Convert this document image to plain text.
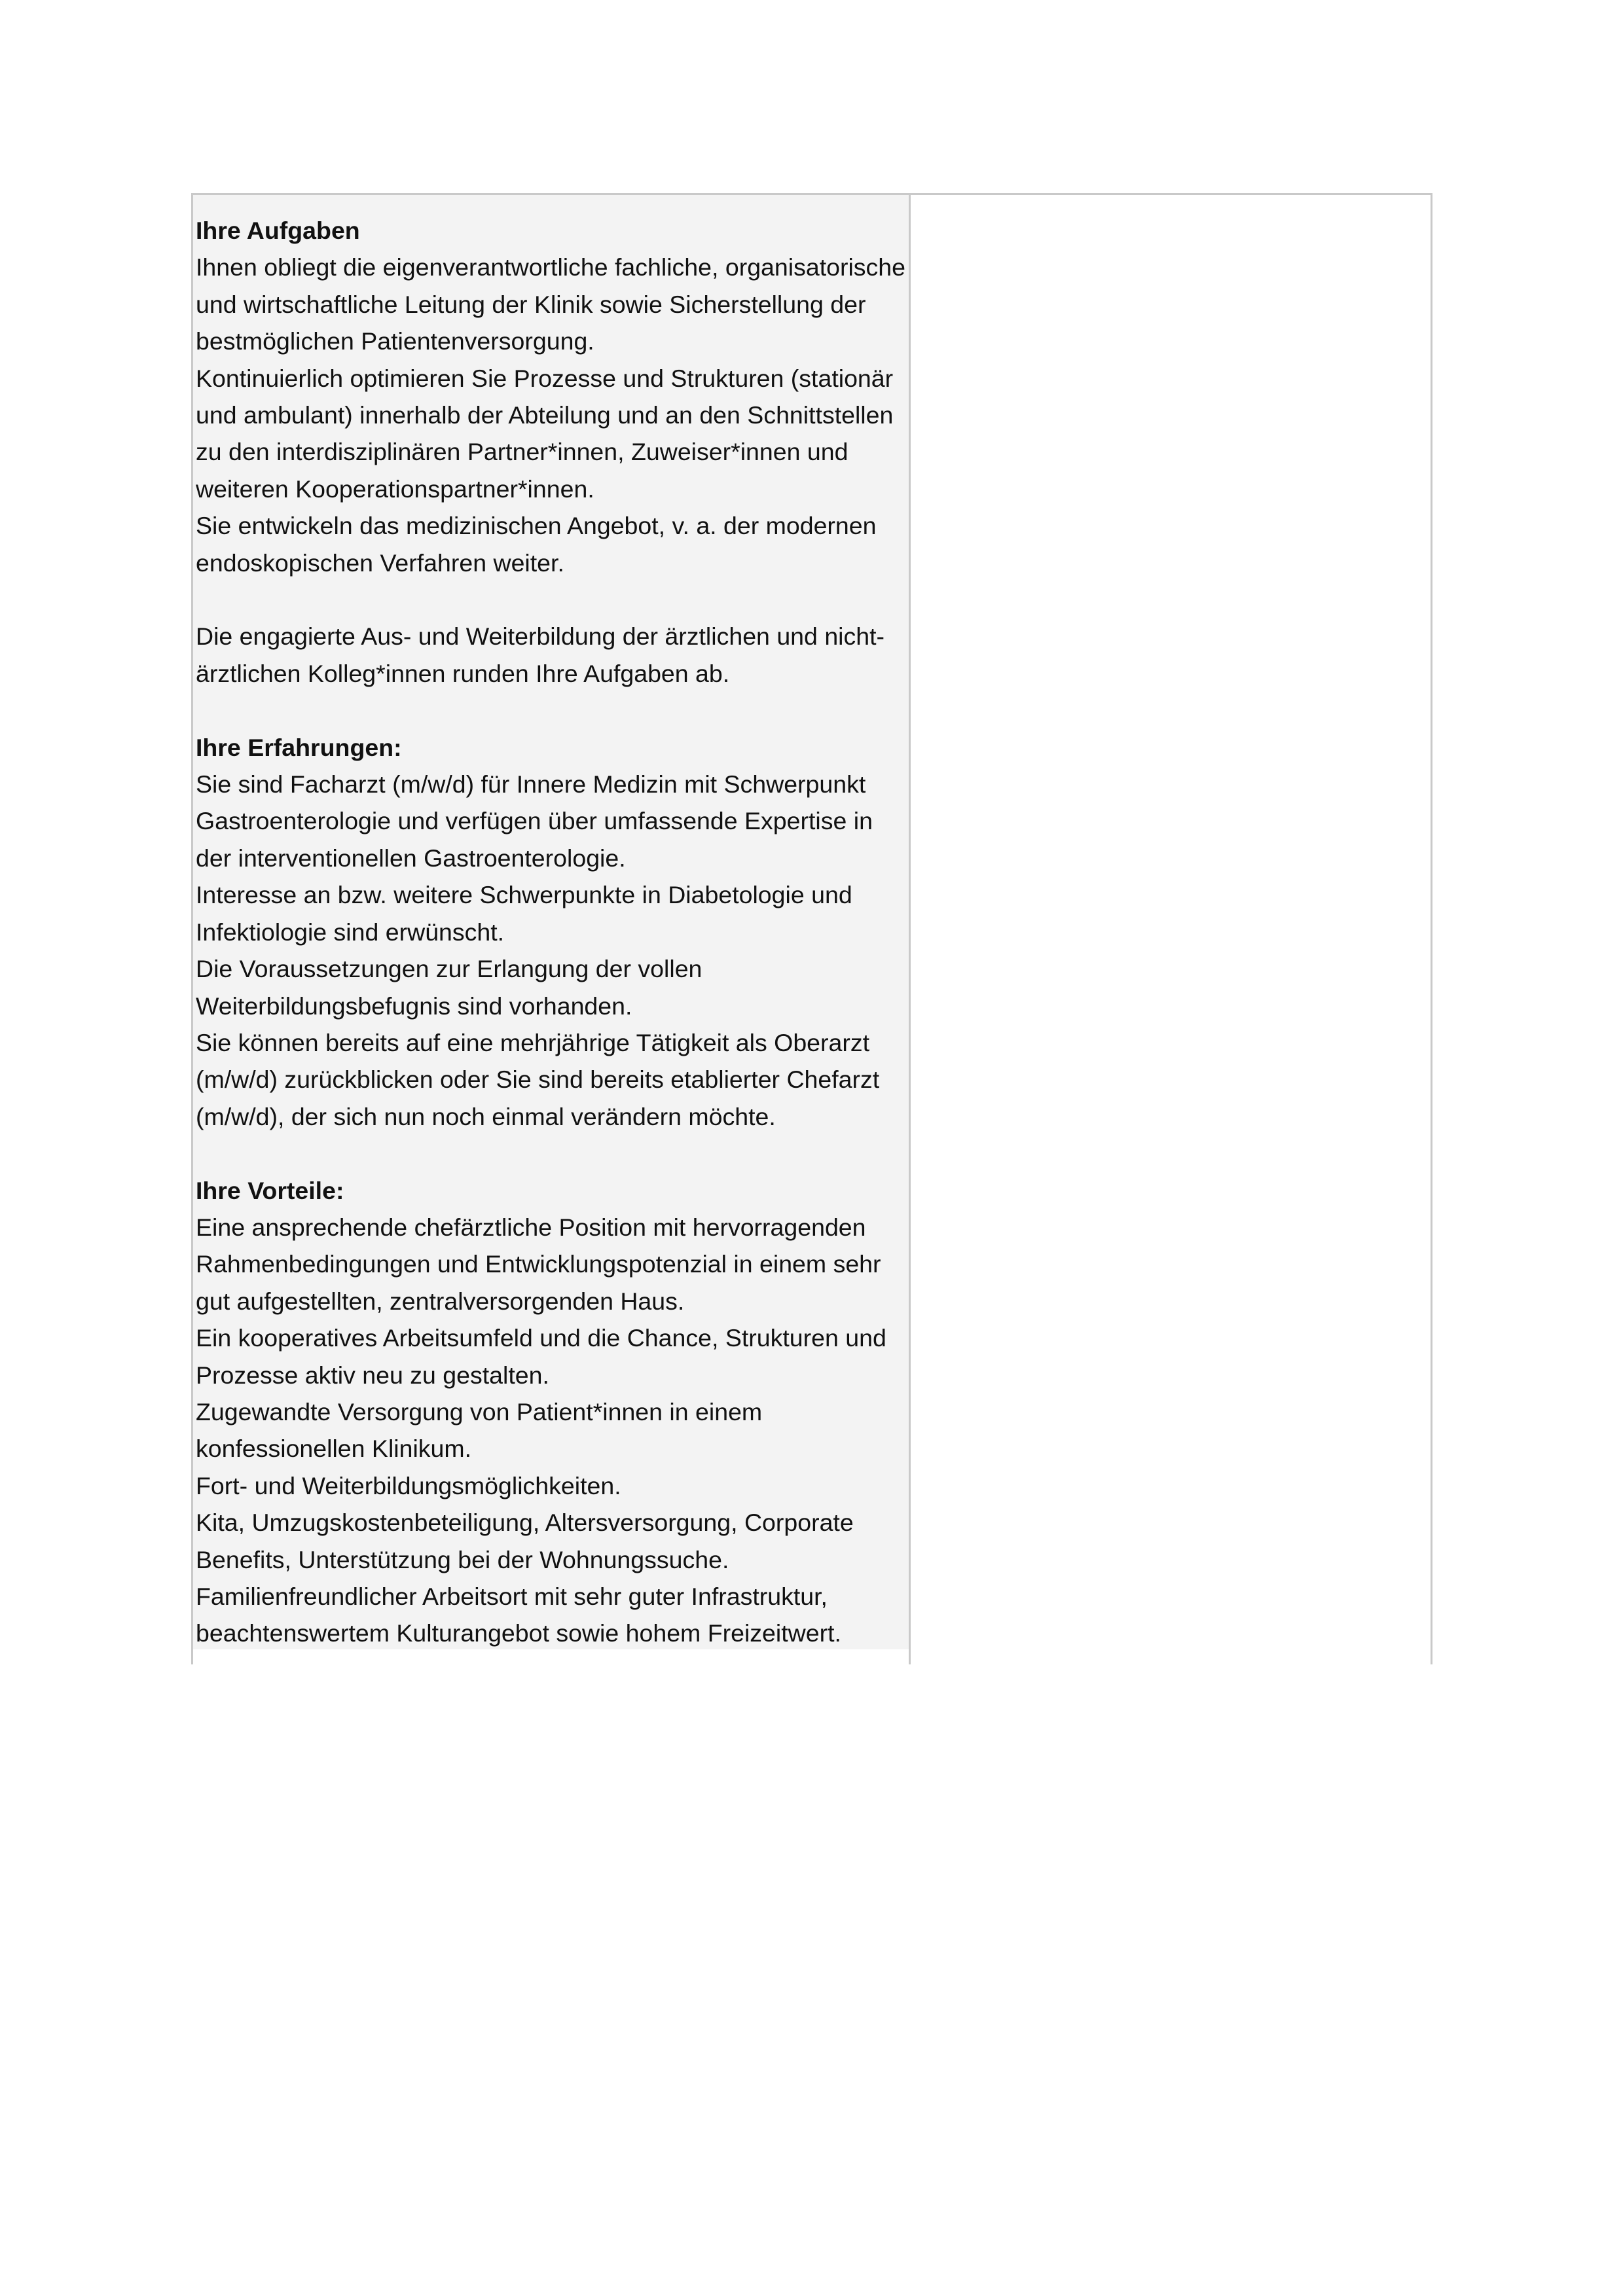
Ihre Aufgaben
Ihnen obliegt die eigenverantwortliche fachliche, organisatorische
und wirtschaftliche Leitung der Klinik sowie Sicherstellung der
bestmöglichen Patientenversorgung.
Kontinuierlich optimieren Sie Prozesse und Strukturen (stationär
und ambulant) innerhalb der Abteilung und an den Schnittstellen
zu den interdisziplinären Partner*innen, Zuweiser*innen und
weiteren Kooperationspartner*innen.
Sie entwickeln das medizinischen Angebot, v. a. der modernen
endoskopischen Verfahren weiter.
Die engagierte Aus- und Weiterbildung der ärztlichen und nicht-
ärztlichen Kolleg*innen runden Ihre Aufgaben ab.
Ihre Erfahrungen:
Sie sind Facharzt (m/w/d) für Innere Medizin mit Schwerpunkt
Gastroenterologie und verfügen über umfassende Expertise in
der interventionellen Gastroenterologie.
Interesse an bzw. weitere Schwerpunkte in Diabetologie und
Infektiologie sind erwünscht.
Die Voraussetzungen zur Erlangung der vollen
Weiterbildungsbefugnis sind vorhanden.
Sie können bereits auf eine mehrjährige Tätigkeit als Oberarzt
(m/w/d) zurückblicken oder Sie sind bereits etablierter Chefarzt
(m/w/d), der sich nun noch einmal verändern möchte.
Ihre Vorteile:
Eine ansprechende chefärztliche Position mit hervorragenden
Rahmenbedingungen und Entwicklungspotenzial in einem sehr
gut aufgestellten, zentralversorgenden Haus.
Ein kooperatives Arbeitsumfeld und die Chance, Strukturen und
Prozesse aktiv neu zu gestalten.
Zugewandte Versorgung von Patient*innen in einem
konfessionellen Klinikum.
Fort- und Weiterbildungsmöglichkeiten.
Kita, Umzugskostenbeteiligung, Altersversorgung, Corporate
Benefits, Unterstützung bei der Wohnungssuche.
Familienfreundlicher Arbeitsort mit sehr guter Infrastruktur,
beachtenswertem Kulturangebot sowie hohem Freizeitwert.
